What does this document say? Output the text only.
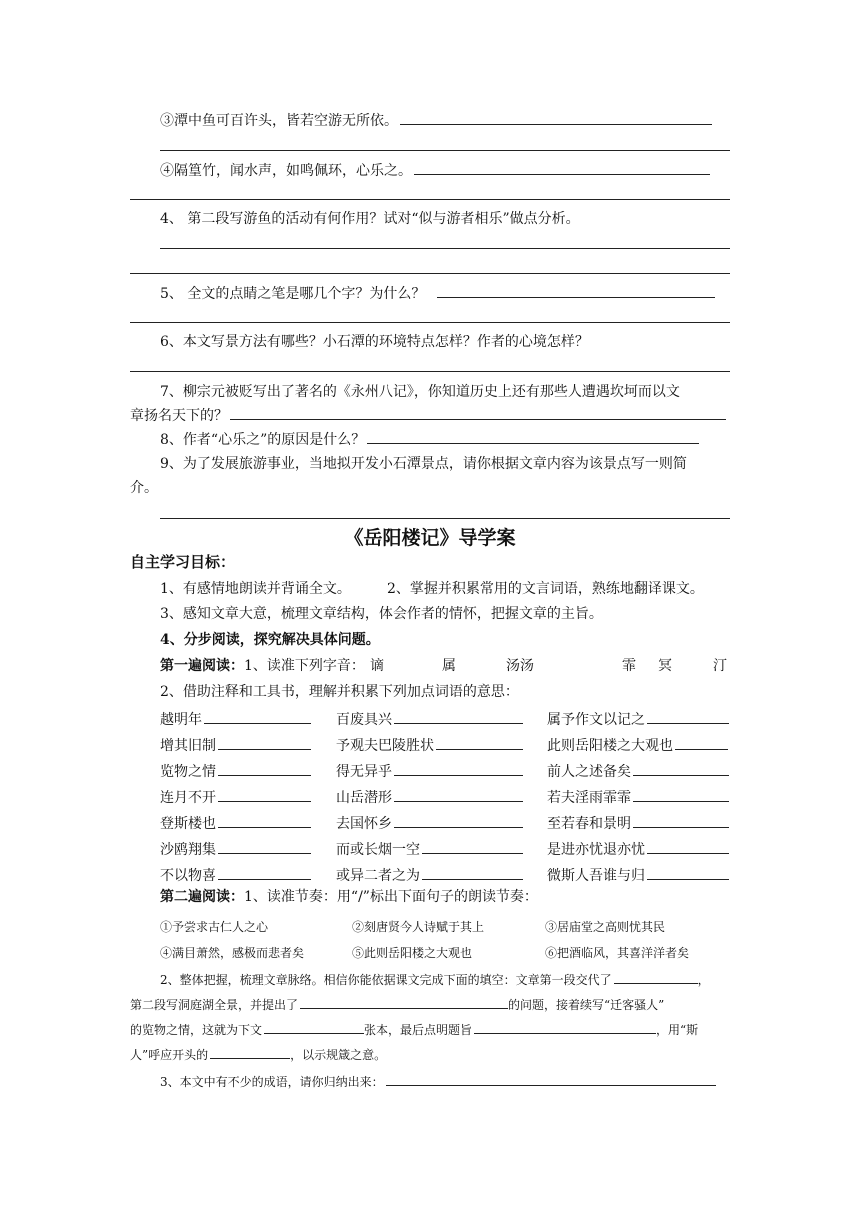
③潭中鱼可百许头，皆若空游无所依。
④隔篁竹，闻水声，如鸣佩环，心乐之。
4、 第二段写游鱼的活动有何作用？试对“似与游者相乐”做点分析。
5、 全文的点睛之笔是哪几个字？为什么？
6、本文写景方法有哪些？小石潭的环境特点怎样？作者的心境怎样？
7、柳宗元被贬写出了著名的《永州八记》，你知道历史上还有那些人遭遇坎坷而以文
章扬名天下的？
8、作者“心乐之”的原因是什么？
9、为了发展旅游事业，当地拟开发小石潭景点，请你根据文章内容为该景点写一则简
介。
《岳阳楼记》导学案
自主学习目标：
1、有感情地朗读并背诵全文。	2、掌握并积累常用的文言词语，熟练地翻译课文。
3、感知文章大意，梳理文章结构，体会作者的情怀，把握文章的主旨。
4、分步阅读，探究解决具体问题。
第一遍阅读：1、读准下列字音： 谪	属	汤汤	霏 冥	汀
2、借助注释和工具书，理解并积累下列加点词语的意思：
越明年	百废具兴	属予作文以记之
增其旧制	予观夫巴陵胜状	此则岳阳楼之大观也
览物之情	得无异乎	前人之述备矣
连月不开	山岳潜形	若夫淫雨霏霏
登斯楼也	去国怀乡	至若春和景明
沙鸥翔集	而或长烟一空	是进亦忧退亦忧
不以物喜	或异二者之为	微斯人吾谁与归
第二遍阅读：1、读准节奏：用“/”标出下面句子的朗读节奏：
①予尝求古仁人之心	②刻唐贤今人诗赋于其上	③居庙堂之高则忧其民
④满目萧然，感极而悲者矣	⑤此则岳阳楼之大观也	⑥把酒临风，其喜洋洋者矣
2、整体把握，梳理文章脉络。相信你能依据课文完成下面的填空：文章第一段交代了	，
第二段写洞庭湖全景，并提出了	的问题，接着续写“迁客骚人”
的览物之情，这就为下文	张本，最后点明题旨	，用“斯
人”呼应开头的	，以示规箴之意。
3、本文中有不少的成语，请你归纳出来：
